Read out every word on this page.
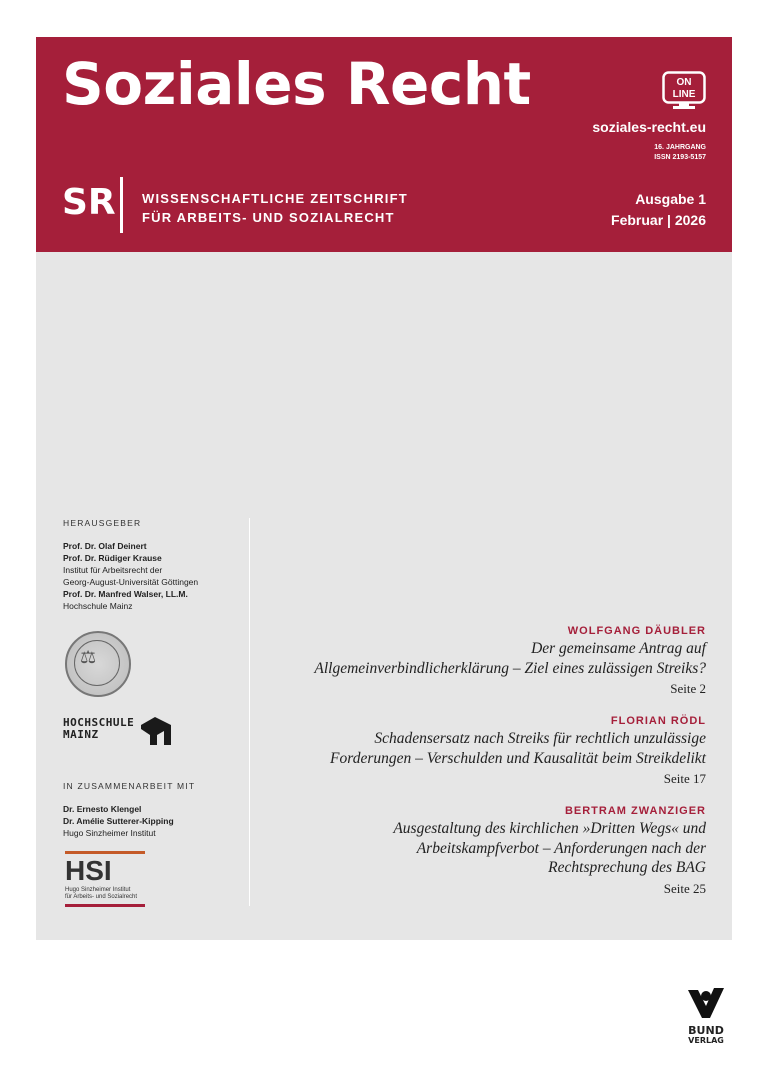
Soziales Recht	ON
LINE
soziales-recht.eu
16. JAHRGANG
ISSN 2193-5157
SR WISSENSCHAFTLICHE ZEITSCHRIFT
FÜR ARBEITS- UND SOZIALRECHT
Ausgabe 1
Februar | 2026
HERAUSGEBER
Prof. Dr. Olaf Deinert
Prof. Dr. Rüdiger Krause
Institut für Arbeitsrecht der
Georg-August-Universität Göttingen
Prof. Dr. Manfred Walser, LL.M.
Hochschule Mainz
⚖
HOCHSCHULE
MAINZ
IN ZUSAMMENARBEIT MIT
Dr. Ernesto Klengel
Dr. Amélie Sutterer-Kipping
Hugo Sinzheimer Institut
HSI
Hugo Sinzheimer Institut
für Arbeits- und Sozialrecht
WOLFGANG DÄUBLER
Der gemeinsame Antrag auf
Allgemeinverbindlicherklärung – Ziel eines zulässigen Streiks?
Seite 2
FLORIAN RÖDL
Schadensersatz nach Streiks für rechtlich unzulässige
Forderungen – Verschulden und Kausalität beim Streikdelikt
Seite 17
BERTRAM ZWANZIGER
Ausgestaltung des kirchlichen »Dritten Wegs« und
Arbeitskampfverbot – Anforderungen nach der
Rechtsprechung des BAG
Seite 25
BUND
VERLAG
